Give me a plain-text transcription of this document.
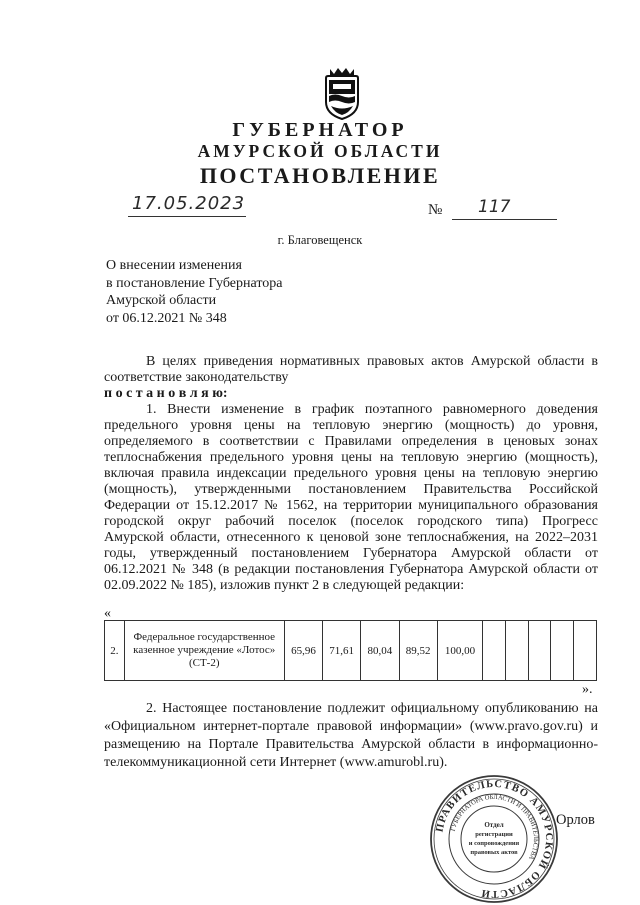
ГУБЕРНАТОР
АМУРСКОЙ ОБЛАСТИ
ПОСТАНОВЛЕНИЕ
17.05.2023	№ 117
г. Благовещенск
О внесении изменения
в постановление Губернатора
Амурской области
от 06.12.2021 № 348
В целях приведения нормативных правовых актов Амурской области в
соответствие законодательству
п о с т а н о в л я ю:
1. Внести изменение в график поэтапного равномерного доведения
предельного уровня цены на тепловую энергию (мощность) до уровня,
определяемого в соответствии с Правилами определения в ценовых зонах
теплоснабжения предельного уровня цены на тепловую энергию (мощность),
включая правила индексации предельного уровня цены на тепловую энергию
(мощность), утвержденными постановлением Правительства Российской
Федерации от 15.12.2017 № 1562, на территории муниципального образования
городской округ рабочий поселок (поселок городского типа) Прогресс
Амурской области, отнесенного к ценовой зоне теплоснабжения, на 2022–2031
годы, утвержденный постановлением Губернатора Амурской области от
06.12.2021 № 348 (в редакции постановления Губернатора Амурской области от
02.09.2022 № 185), изложив пункт 2 в следующей редакции:
«
2.	Федеральное государственное казенное учреждение «Лотос» (СТ-2)	65,96	71,61	80,04	89,52	100,00					
».
2. Настоящее постановление подлежит официальному опубликованию на
«Официальном интернет-портале правовой информации» (www.pravo.gov.ru) и
размещению на Портале Правительства Амурской области в информационно-
телекоммуникационной сети Интернет (www.amurobl.ru).
ПРАВИТЕЛЬСТВО АМУРСКОЙ ОБЛАСТИ
ГУБЕРНАТОРА ОБЛАСТИ И ПРАВИТЕЛЬСТВА
Отдел
регистрации
и сопровождения
правовых актов
Орлов
